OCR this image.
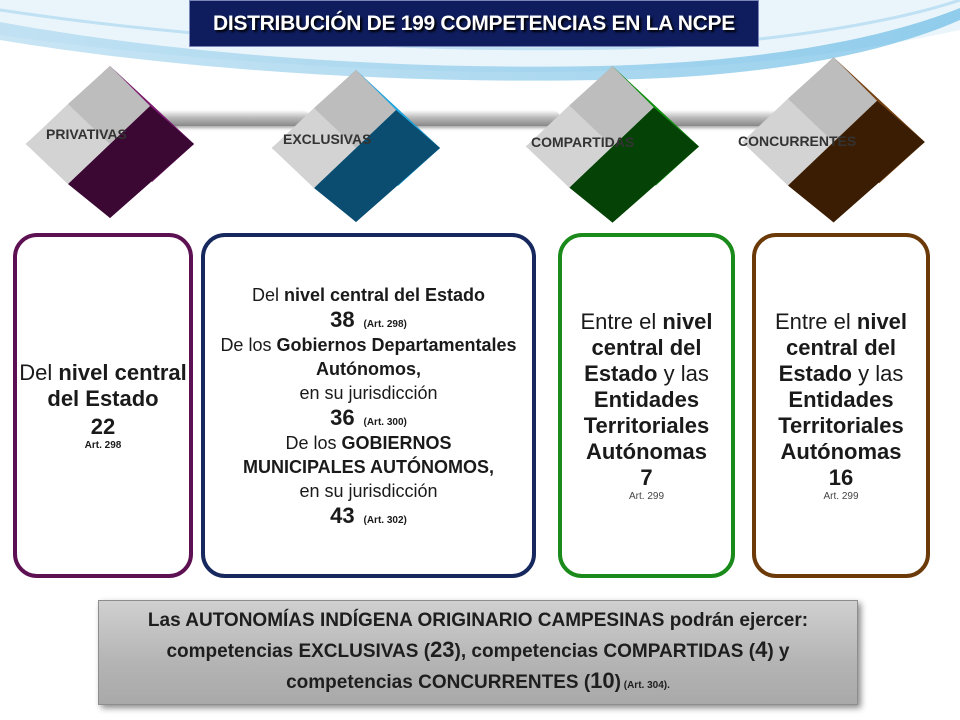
DISTRIBUCIÓN DE 199 COMPETENCIAS EN LA NCPE
PRIVATIVAS	EXCLUSIVAS	COMPARTIDAS	CONCURRENTES
Del nivel central del Estado
22
Art. 298
Del nivel central del Estado
38 (Art. 298)
De los Gobiernos Departamentales Autónomos,
en su jurisdicción
36 (Art. 300)
De los GOBIERNOS MUNICIPALES AUTÓNOMOS,
en su jurisdicción
43 (Art. 302)
Entre el nivel central del Estado y las Entidades Territoriales Autónomas
7
Art. 299
Entre el nivel central del Estado y las Entidades Territoriales Autónomas
16
Art. 299

Las AUTONOMÍAS INDÍGENA ORIGINARIO CAMPESINAS podrán ejercer:
competencias EXCLUSIVAS (23), competencias COMPARTIDAS (4) y
competencias CONCURRENTES (10) (Art. 304).
